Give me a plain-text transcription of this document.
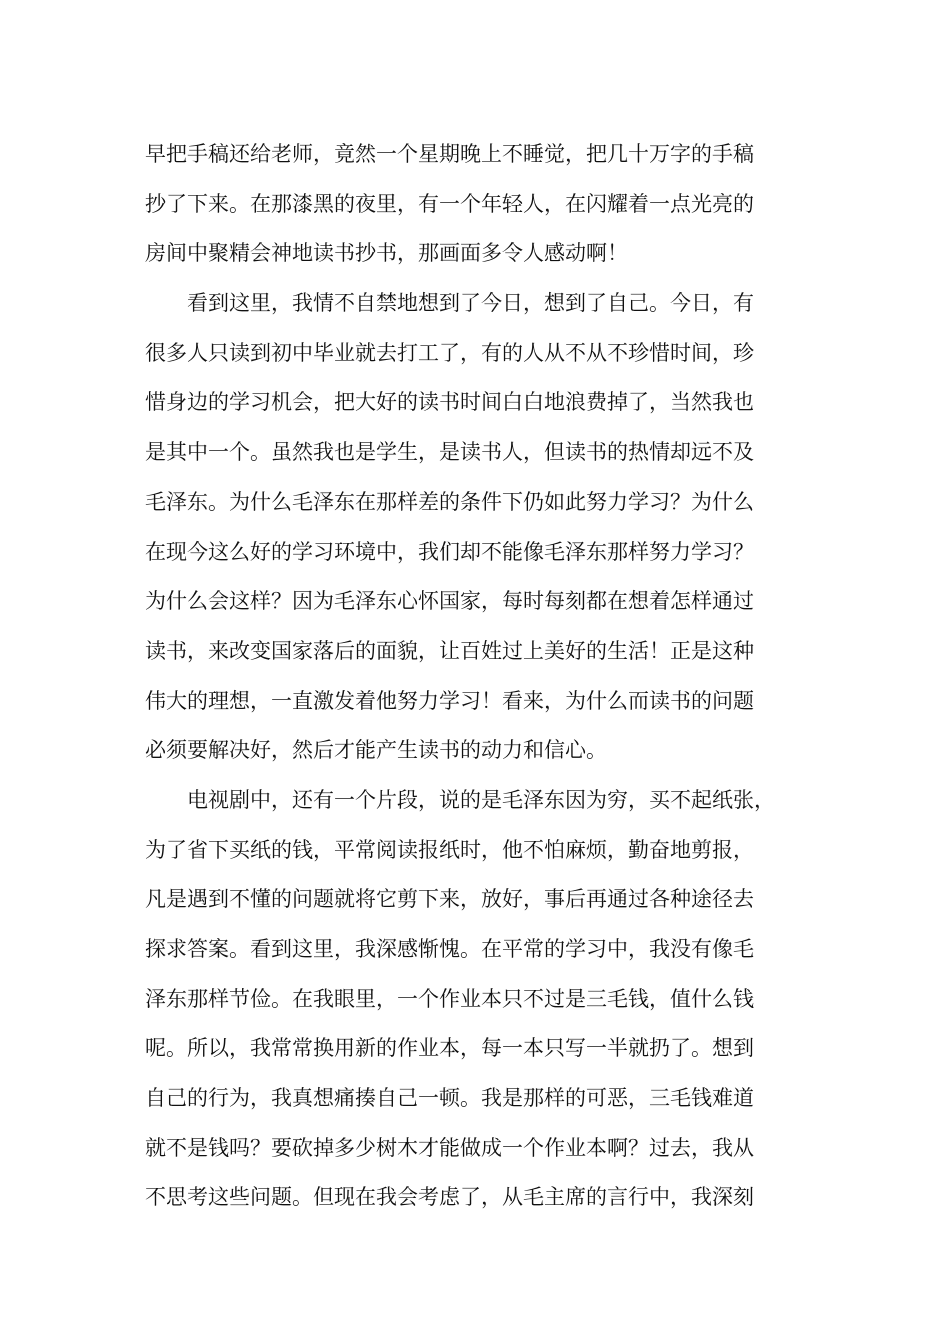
早把手稿还给老师，竟然一个星期晚上不睡觉，把几十万字的手稿
抄了下来。在那漆黑的夜里，有一个年轻人，在闪耀着一点光亮的
房间中聚精会神地读书抄书，那画面多令人感动啊！
看到这里，我情不自禁地想到了今日，想到了自己。今日，有
很多人只读到初中毕业就去打工了，有的人从不从不珍惜时间，珍
惜身边的学习机会，把大好的读书时间白白地浪费掉了，当然我也
是其中一个。虽然我也是学生，是读书人，但读书的热情却远不及
毛泽东。为什么毛泽东在那样差的条件下仍如此努力学习？为什么
在现今这么好的学习环境中，我们却不能像毛泽东那样努力学习？
为什么会这样？因为毛泽东心怀国家，每时每刻都在想着怎样通过
读书，来改变国家落后的面貌，让百姓过上美好的生活！正是这种
伟大的理想，一直激发着他努力学习！看来，为什么而读书的问题
必须要解决好，然后才能产生读书的动力和信心。
电视剧中，还有一个片段，说的是毛泽东因为穷，买不起纸张，
为了省下买纸的钱，平常阅读报纸时，他不怕麻烦，勤奋地剪报，
凡是遇到不懂的问题就将它剪下来，放好，事后再通过各种途径去
探求答案。看到这里，我深感惭愧。在平常的学习中，我没有像毛
泽东那样节俭。在我眼里，一个作业本只不过是三毛钱，值什么钱
呢。所以，我常常换用新的作业本，每一本只写一半就扔了。想到
自己的行为，我真想痛揍自己一顿。我是那样的可恶，三毛钱难道
就不是钱吗？要砍掉多少树木才能做成一个作业本啊？过去，我从
不思考这些问题。但现在我会考虑了，从毛主席的言行中，我深刻
